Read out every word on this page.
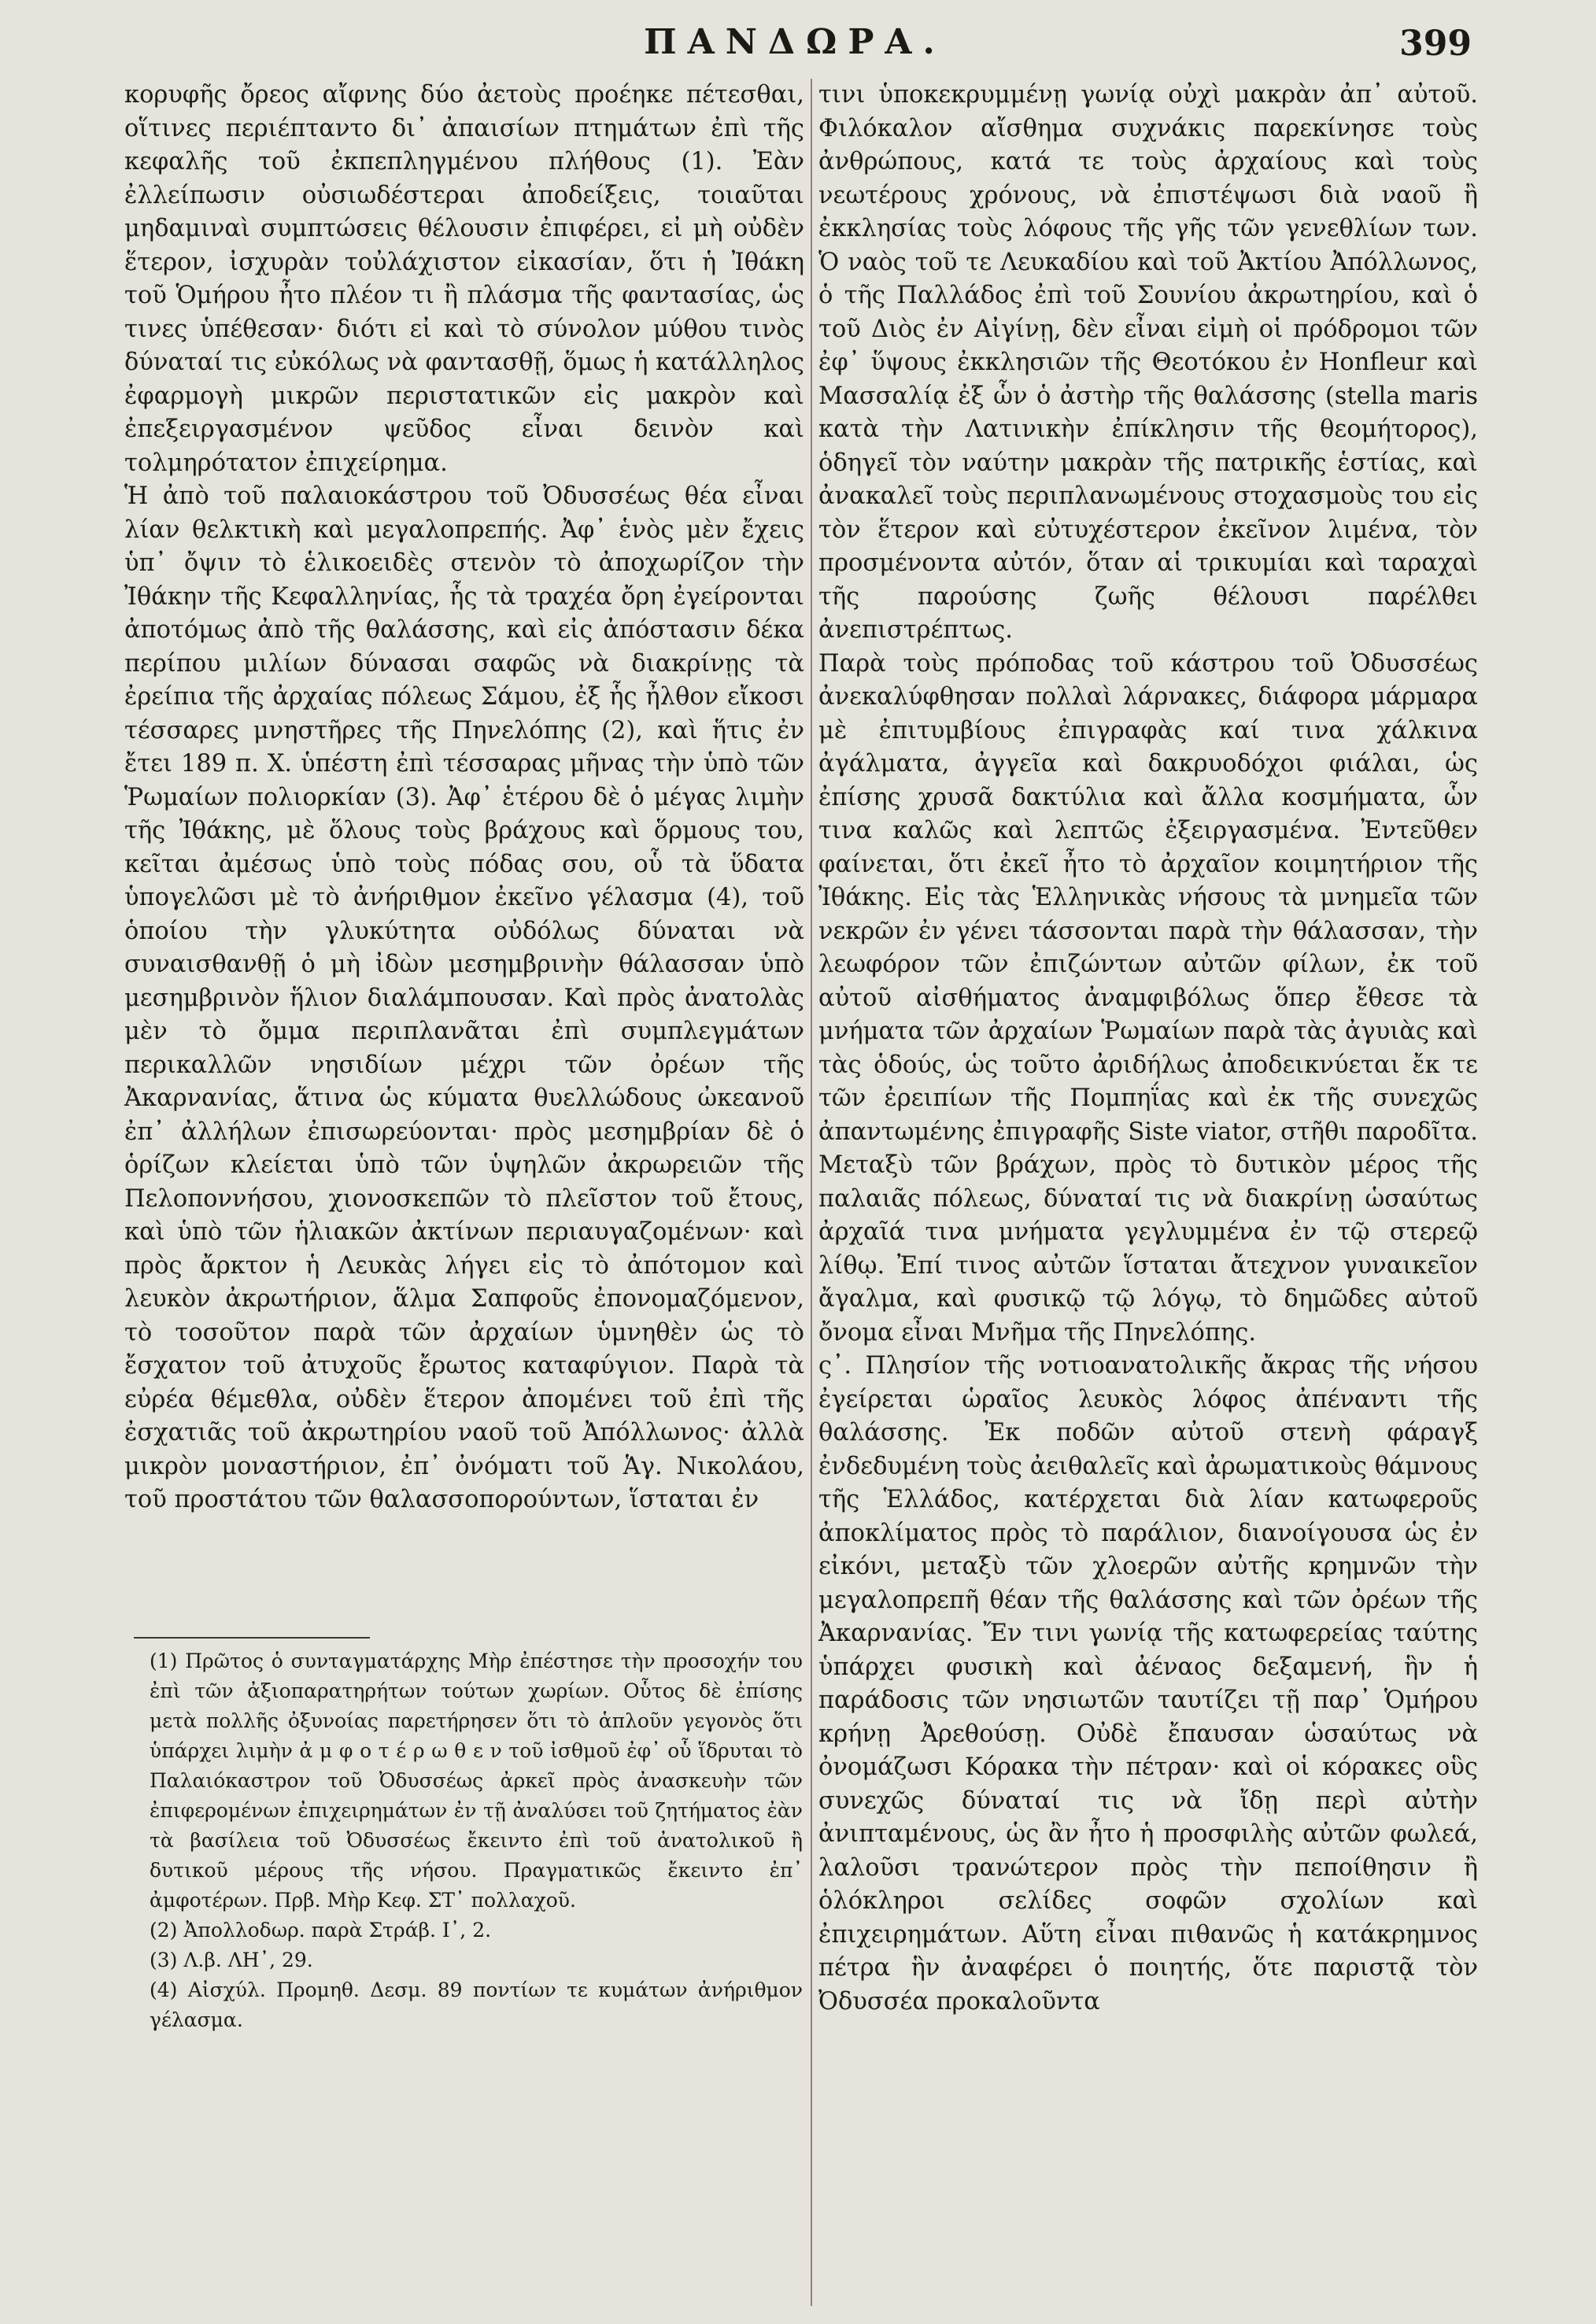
ΠΑΝΔΩΡΑ.	399

κορυφῆς ὄρεος αἴφνης δύο ἀετοὺς προέηκε πέτεσθαι, οἵτινες περιέπταντο δι᾽ ἀπαισίων πτημάτων ἐπὶ τῆς κεφαλῆς τοῦ ἐκπεπληγμένου πλήθους (1). Ἐὰν ἐλλείπωσιν οὐσιωδέστεραι ἀποδείξεις, τοιαῦται μηδαμιναὶ συμπτώσεις θέλουσιν ἐπιφέρει, εἰ μὴ οὐδὲν ἕτερον, ἰσχυρὰν τοὐλάχιστον εἰκασίαν, ὅτι ἡ Ἰθάκη τοῦ Ὁμήρου ἦτο πλέον τι ἢ πλάσμα τῆς φαντασίας, ὡς τινες ὑπέθεσαν· διότι εἰ καὶ τὸ σύνολον μύθου τινὸς δύναταί τις εὐκόλως νὰ φαντασθῇ, ὅμως ἡ κατάλληλος ἐφαρμογὴ μικρῶν περιστατικῶν εἰς μακρὸν καὶ ἐπεξειργασμένον ψεῦδος εἶναι δεινὸν καὶ τολμηρότατον ἐπιχείρημα.

Ἡ ἀπὸ τοῦ παλαιοκάστρου τοῦ Ὀδυσσέως θέα εἶναι λίαν θελκτικὴ καὶ μεγαλοπρεπής. Ἀφ᾽ ἑνὸς μὲν ἔχεις ὑπ᾽ ὄψιν τὸ ἑλικοειδὲς στενὸν τὸ ἀποχωρίζον τὴν Ἰθάκην τῆς Κεφαλληνίας, ἧς τὰ τραχέα ὄρη ἐγείρονται ἀποτόμως ἀπὸ τῆς θαλάσσης, καὶ εἰς ἀπόστασιν δέκα περίπου μιλίων δύνασαι σαφῶς νὰ διακρίνῃς τὰ ἐρείπια τῆς ἀρχαίας πόλεως Σάμου, ἐξ ἧς ἦλθον εἴκοσι τέσσαρες μνηστῆρες τῆς Πηνελόπης (2), καὶ ἥτις ἐν ἔτει 189 π. Χ. ὑπέστη ἐπὶ τέσσαρας μῆνας τὴν ὑπὸ τῶν Ῥωμαίων πολιορκίαν (3). Ἀφ᾽ ἑτέρου δὲ ὁ μέγας λιμὴν τῆς Ἰθάκης, μὲ ὅλους τοὺς βράχους καὶ ὅρμους του, κεῖται ἀμέσως ὑπὸ τοὺς πόδας σου, οὗ τὰ ὕδατα ὑπογελῶσι μὲ τὸ ἀνήριθμον ἐκεῖνο γέλασμα (4), τοῦ ὁποίου τὴν γλυκύτητα οὐδόλως δύναται νὰ συναισθανθῇ ὁ μὴ ἰδὼν μεσημβρινὴν θάλασσαν ὑπὸ μεσημβρινὸν ἥλιον διαλάμπουσαν. Καὶ πρὸς ἀνατολὰς μὲν τὸ ὄμμα περιπλανᾶται ἐπὶ συμπλεγμάτων περικαλλῶν νησιδίων μέχρι τῶν ὀρέων τῆς Ἀκαρνανίας, ἅτινα ὡς κύματα θυελλώδους ὠκεανοῦ ἐπ᾽ ἀλλήλων ἐπισωρεύονται· πρὸς μεσημβρίαν δὲ ὁ ὁρίζων κλείεται ὑπὸ τῶν ὑψηλῶν ἀκρωρειῶν τῆς Πελοποννήσου, χιονοσκεπῶν τὸ πλεῖστον τοῦ ἔτους, καὶ ὑπὸ τῶν ἡλιακῶν ἀκτίνων περιαυγαζομένων· καὶ πρὸς ἄρκτον ἡ Λευκὰς λήγει εἰς τὸ ἀπότομον καὶ λευκὸν ἀκρωτήριον, ἅλμα Σαπφοῦς ἐπονομαζόμενον, τὸ τοσοῦτον παρὰ τῶν ἀρχαίων ὑμνηθὲν ὡς τὸ ἔσχατον τοῦ ἀτυχοῦς ἔρωτος καταφύγιον. Παρὰ τὰ εὐρέα θέμεθλα, οὐδὲν ἕτερον ἀπομένει τοῦ ἐπὶ τῆς ἐσχατιᾶς τοῦ ἀκρωτηρίου ναοῦ τοῦ Ἀπόλλωνος· ἀλλὰ μικρὸν μοναστήριον, ἐπ᾽ ὀνόματι τοῦ Ἁγ. Νικολάου, τοῦ προστάτου τῶν θαλασσοπορούντων, ἵσταται ἐν

τινι ὑποκεκρυμμένῃ γωνίᾳ οὐχὶ μακρὰν ἀπ᾽ αὐτοῦ. Φιλόκαλον αἴσθημα συχνάκις παρεκίνησε τοὺς ἀνθρώπους, κατά τε τοὺς ἀρχαίους καὶ τοὺς νεωτέρους χρόνους, νὰ ἐπιστέψωσι διὰ ναοῦ ἢ ἐκκλησίας τοὺς λόφους τῆς γῆς τῶν γενεθλίων των. Ὁ ναὸς τοῦ τε Λευκαδίου καὶ τοῦ Ἀκτίου Ἀπόλλωνος, ὁ τῆς Παλλάδος ἐπὶ τοῦ Σουνίου ἀκρωτηρίου, καὶ ὁ τοῦ Διὸς ἐν Αἰγίνῃ, δὲν εἶναι εἰμὴ οἱ πρόδρομοι τῶν ἐφ᾽ ὕψους ἐκκλησιῶν τῆς Θεοτόκου ἐν Honfleur καὶ Μασσαλίᾳ ἐξ ὧν ὁ ἀστὴρ τῆς θαλάσσης (stella maris κατὰ τὴν Λατινικὴν ἐπίκλησιν τῆς θεομήτορος), ὁδηγεῖ τὸν ναύτην μακρὰν τῆς πατρικῆς ἑστίας, καὶ ἀνακαλεῖ τοὺς περιπλανωμένους στοχασμοὺς του εἰς τὸν ἕτερον καὶ εὐτυχέστερον ἐκεῖνον λιμένα, τὸν προσμένοντα αὐτόν, ὅταν αἱ τρικυμίαι καὶ ταραχαὶ τῆς παρούσης ζωῆς θέλουσι παρέλθει ἀνεπιστρέπτως.

Παρὰ τοὺς πρόποδας τοῦ κάστρου τοῦ Ὀδυσσέως ἀνεκαλύφθησαν πολλαὶ λάρνακες, διάφορα μάρμαρα μὲ ἐπιτυμβίους ἐπιγραφὰς καί τινα χάλκινα ἀγάλματα, ἀγγεῖα καὶ δακρυοδόχοι φιάλαι, ὡς ἐπίσης χρυσᾶ δακτύλια καὶ ἄλλα κοσμήματα, ὧν τινα καλῶς καὶ λεπτῶς ἐξειργασμένα. Ἐντεῦθεν φαίνεται, ὅτι ἐκεῖ ἦτο τὸ ἀρχαῖον κοιμητήριον τῆς Ἰθάκης. Εἰς τὰς Ἑλληνικὰς νήσους τὰ μνημεῖα τῶν νεκρῶν ἐν γένει τάσσονται παρὰ τὴν θάλασσαν, τὴν λεωφόρον τῶν ἐπιζώντων αὐτῶν φίλων, ἐκ τοῦ αὐτοῦ αἰσθήματος ἀναμφιβόλως ὅπερ ἔθεσε τὰ μνήματα τῶν ἀρχαίων Ῥωμαίων παρὰ τὰς ἀγυιὰς καὶ τὰς ὁδούς, ὡς τοῦτο ἀριδήλως ἀποδεικνύεται ἔκ τε τῶν ἐρειπίων τῆς Πομπηΐας καὶ ἐκ τῆς συνεχῶς ἀπαντωμένης ἐπιγραφῆς Siste viator, στῆθι παροδῖτα. Μεταξὺ τῶν βράχων, πρὸς τὸ δυτικὸν μέρος τῆς παλαιᾶς πόλεως, δύναταί τις νὰ διακρίνῃ ὡσαύτως ἀρχαῖά τινα μνήματα γεγλυμμένα ἐν τῷ στερεῷ λίθῳ. Ἐπί τινος αὐτῶν ἵσταται ἄτεχνον γυναικεῖον ἄγαλμα, καὶ φυσικῷ τῷ λόγῳ, τὸ δημῶδες αὐτοῦ ὄνομα εἶναι Μνῆμα τῆς Πηνελόπης.

ς᾽. Πλησίον τῆς νοτιοανατολικῆς ἄκρας τῆς νήσου ἐγείρεται ὡραῖος λευκὸς λόφος ἀπέναντι τῆς θαλάσσης. Ἐκ ποδῶν αὐτοῦ στενὴ φάραγξ ἐνδεδυμένη τοὺς ἀειθαλεῖς καὶ ἀρωματικοὺς θάμνους τῆς Ἑλλάδος, κατέρχεται διὰ λίαν κατωφεροῦς ἀποκλίματος πρὸς τὸ παράλιον, διανοίγουσα ὡς ἐν εἰκόνι, μεταξὺ τῶν χλοερῶν αὐτῆς κρημνῶν τὴν μεγαλοπρεπῆ θέαν τῆς θαλάσσης καὶ τῶν ὀρέων τῆς Ἀκαρνανίας. Ἔν τινι γωνίᾳ τῆς κατωφερείας ταύτης ὑπάρχει φυσικὴ καὶ ἀέναος δεξαμενή, ἣν ἡ παράδοσις τῶν νησιωτῶν ταυτίζει τῇ παρ᾽ Ὁμήρου κρήνῃ Ἀρεθούσῃ. Οὐδὲ ἔπαυσαν ὡσαύτως νὰ ὀνομάζωσι Κόρακα τὴν πέτραν· καὶ οἱ κόρακες οὓς συνεχῶς δύναταί τις νὰ ἴδῃ περὶ αὐτὴν ἀνιπταμένους, ὡς ἂν ἦτο ἡ προσφιλὴς αὐτῶν φωλεά, λαλοῦσι τρανώτερον πρὸς τὴν πεποίθησιν ἢ ὁλόκληροι σελίδες σοφῶν σχολίων καὶ ἐπιχειρημάτων. Αὕτη εἶναι πιθανῶς ἡ κατάκρημνος πέτρα ἣν ἀναφέρει ὁ ποιητής, ὅτε παριστᾷ τὸν Ὀδυσσέα προκαλοῦντα

(1) Πρῶτος ὁ συνταγματάρχης Μὴρ ἐπέστησε τὴν προσοχήν του ἐπὶ τῶν ἀξιοπαρατηρήτων τούτων χωρίων. Οὗτος δὲ ἐπίσης μετὰ πολλῆς ὀξυνοίας παρετήρησεν ὅτι τὸ ἁπλοῦν γεγονὸς ὅτι ὑπάρχει λιμὴν ἀ μ φ ο τ έ ρ ω θ ε ν τοῦ ἰσθμοῦ ἐφ᾽ οὗ ἵδρυται τὸ Παλαιόκαστρον τοῦ Ὀδυσσέως ἀρκεῖ πρὸς ἀνασκευὴν τῶν ἐπιφερομένων ἐπιχειρημάτων ἐν τῇ ἀναλύσει τοῦ ζητήματος ἐὰν τὰ βασίλεια τοῦ Ὀδυσσέως ἔκειντο ἐπὶ τοῦ ἀνατολικοῦ ἢ δυτικοῦ μέρους τῆς νήσου. Πραγματικῶς ἔκειντο ἐπ᾽ ἀμφοτέρων. Πρβ. Μὴρ Κεφ. ΣΤ᾽ πολλαχοῦ.

(2) Ἀπολλοδωρ. παρὰ Στράβ. Ι᾽, 2.

(3) Λ.β. ΛΗ᾽, 29.

(4) Αἰσχύλ. Προμηθ. Δεσμ. 89 ποντίων τε κυμάτων ἀνήριθμον γέλασμα.
